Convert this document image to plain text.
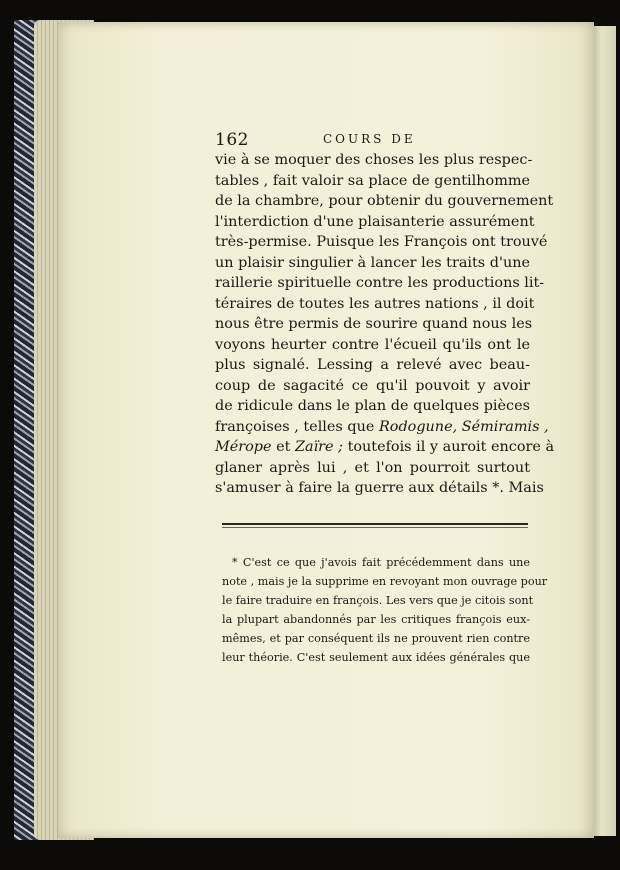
162	COURS DE
vie à se moquer des choses les plus respec-
tables , fait valoir sa place de gentilhomme
de la chambre, pour obtenir du gouvernement
l'interdiction d'une plaisanterie assurément
très-permise. Puisque les François ont trouvé
un plaisir singulier à lancer les traits d'une
raillerie spirituelle contre les productions lit-
téraires de toutes les autres nations , il doit
nous être permis de sourire quand nous les
voyons heurter contre l'écueil qu'ils ont le
plus signalé. Lessing a relevé avec beau-
coup de sagacité ce qu'il pouvoit y avoir
de ridicule dans le plan de quelques pièces
françoises , telles que Rodogune, Sémiramis ,
Mérope et Zaïre ; toutefois il y auroit encore à
glaner après lui , et l'on pourroit surtout
s'amuser à faire la guerre aux détails *. Mais
* C'est ce que j'avois fait précédemment dans une
note , mais je la supprime en revoyant mon ouvrage pour
le faire traduire en françois. Les vers que je citois sont
la plupart abandonnés par les critiques françois eux-
mêmes, et par conséquent ils ne prouvent rien contre
leur théorie. C'est seulement aux idées générales que
